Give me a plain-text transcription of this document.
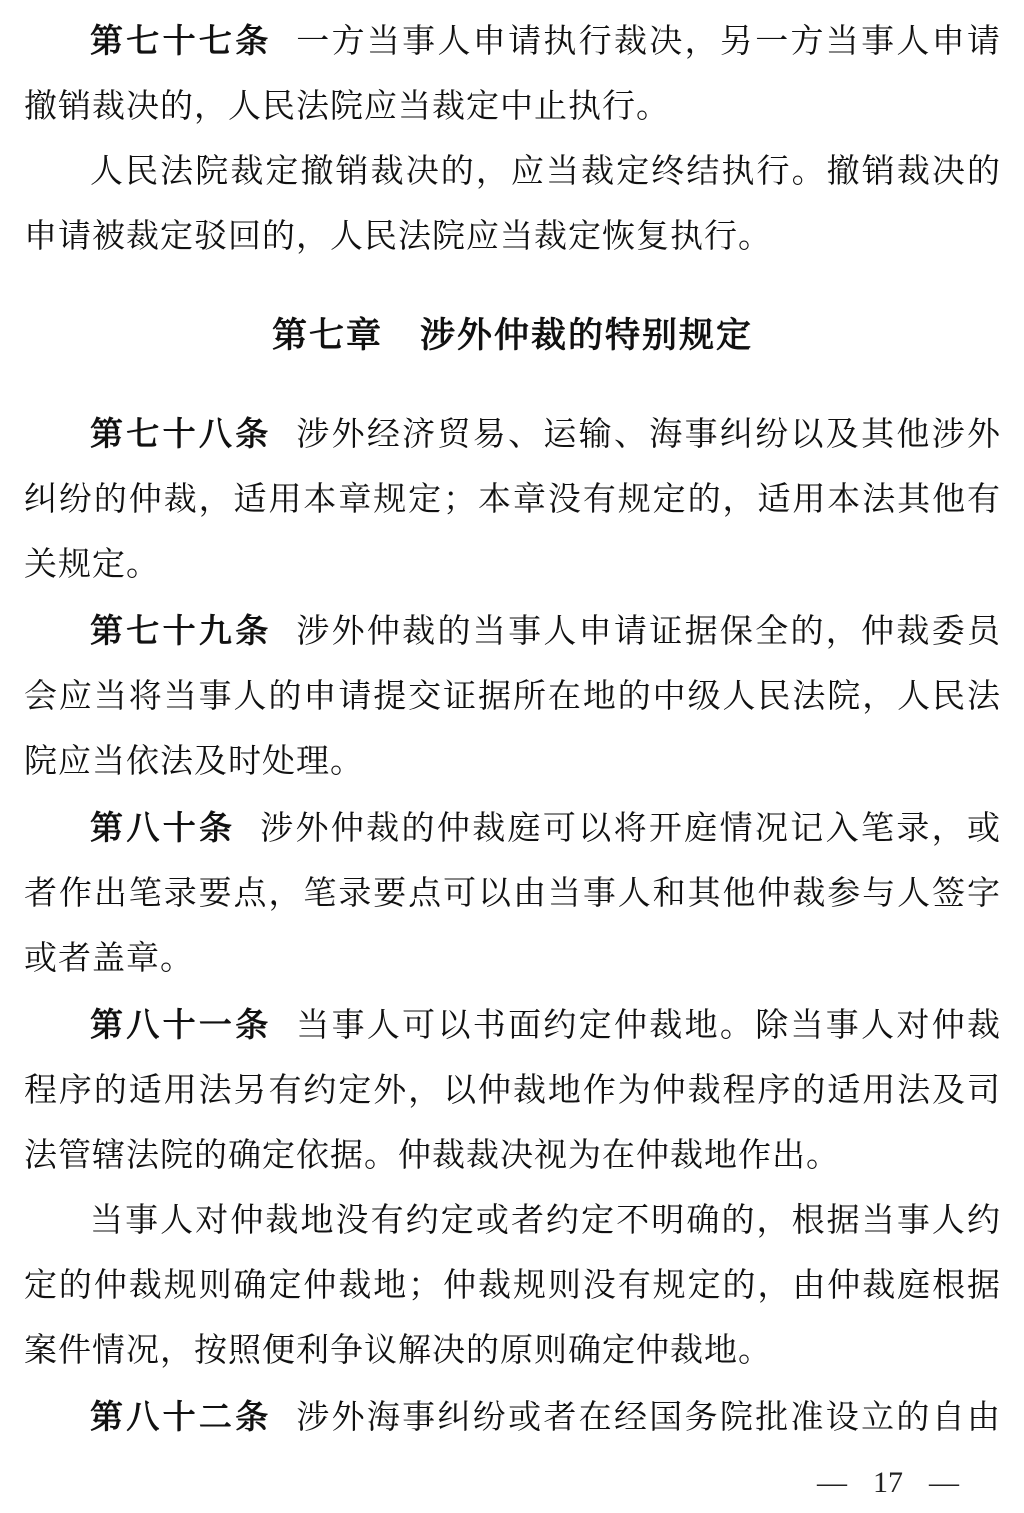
第七十七条 一方当事人申请执行裁决，另一方当事人申请撤销裁决的，人民法院应当裁定中止执行。

人民法院裁定撤销裁决的，应当裁定终结执行。撤销裁决的申请被裁定驳回的，人民法院应当裁定恢复执行。

第七章　涉外仲裁的特别规定

第七十八条 涉外经济贸易、运输、海事纠纷以及其他涉外纠纷的仲裁，适用本章规定；本章没有规定的，适用本法其他有关规定。

第七十九条 涉外仲裁的当事人申请证据保全的，仲裁委员会应当将当事人的申请提交证据所在地的中级人民法院，人民法院应当依法及时处理。

第八十条 涉外仲裁的仲裁庭可以将开庭情况记入笔录，或者作出笔录要点，笔录要点可以由当事人和其他仲裁参与人签字或者盖章。

第八十一条 当事人可以书面约定仲裁地。除当事人对仲裁程序的适用法另有约定外，以仲裁地作为仲裁程序的适用法及司法管辖法院的确定依据。仲裁裁决视为在仲裁地作出。

当事人对仲裁地没有约定或者约定不明确的，根据当事人约定的仲裁规则确定仲裁地；仲裁规则没有规定的，由仲裁庭根据案件情况，按照便利争议解决的原则确定仲裁地。

第八十二条 涉外海事纠纷或者在经国务院批准设立的自由

— 17 —
